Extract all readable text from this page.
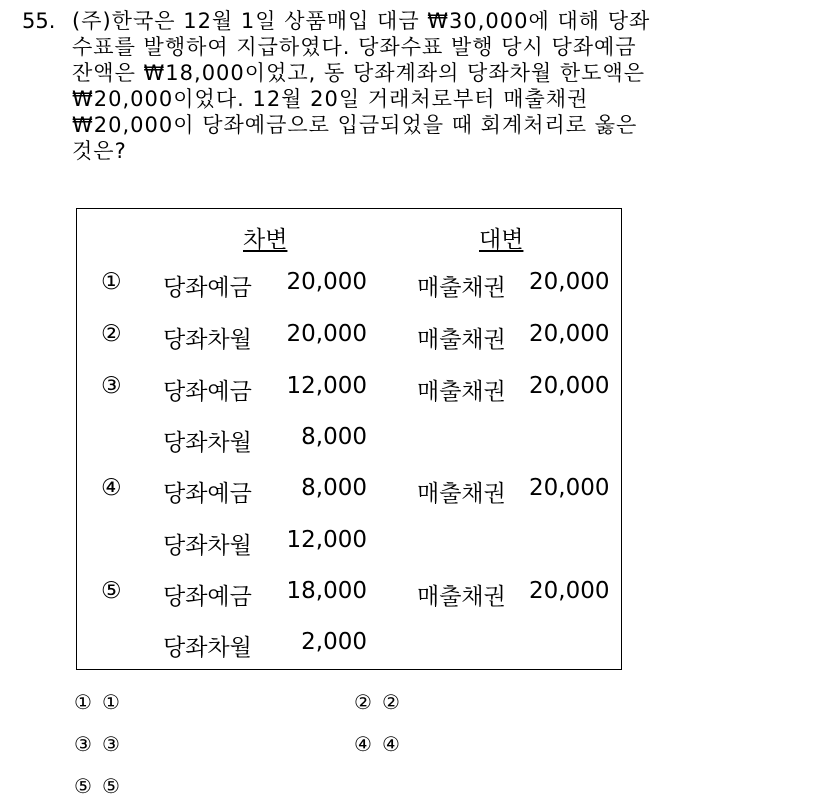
55. (주)한국은 12월 1일 상품매입 대금 ₩30,000에 대해 당좌
수표를 발행하여 지급하였다. 당좌수표 발행 당시 당좌예금
잔액은 ₩18,000이었고, 동 당좌계좌의 당좌차월 한도액은
₩20,000이었다. 12월 20일 거래처로부터 매출채권
₩20,000이 당좌예금으로 입금되었을 때 회계처리로 옳은
것은?
차변	대변
① 당좌예금 20,000 매출채권 20,000
② 당좌차월 20,000 매출채권 20,000
③ 당좌예금 12,000 매출채권 20,000
당좌차월	8,000
④ 당좌예금	8,000 매출채권 20,000
당좌차월 12,000
⑤ 당좌예금 18,000 매출채권 20,000
당좌차월	2,000
① ①	② ②
③ ③	④ ④
⑤ ⑤
